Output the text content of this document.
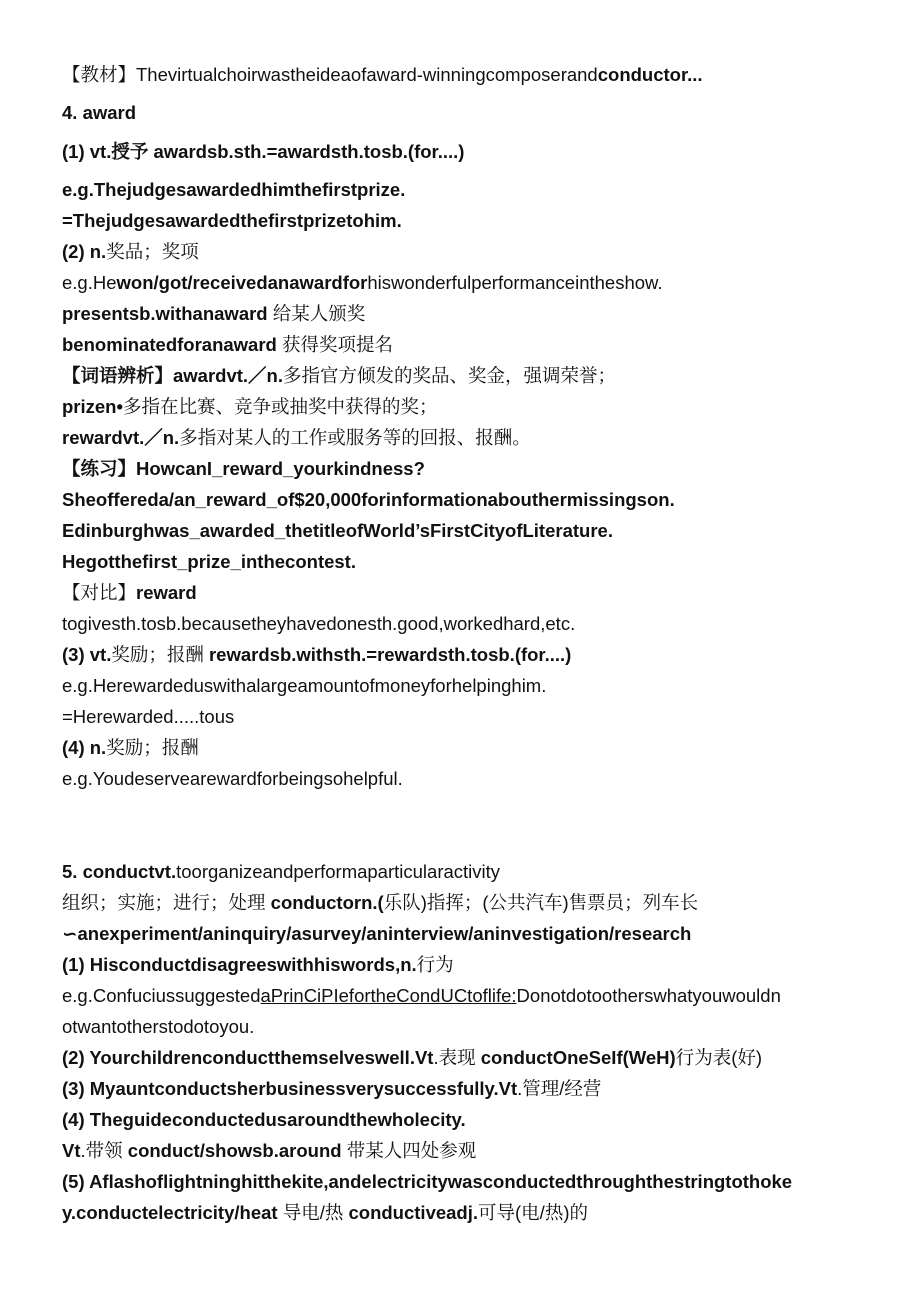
【教材】Thevirtualchoirwastheideaofaward-winningcomposerandconductor...
4. award
(1) vt.授予 awardsb.sth.=awardsth.tosb.(for....)
e.g.Thejudgesawardedhimthefirstprize.
=Thejudgesawardedthefirstprizetohim.
(2) n.奖品；奖项
e.g.Hewon/got/receivedanawardforhiswonderfulperformanceintheshow.
presentsb.withanaward 给某人颁奖
benominatedforanaward 获得奖项提名
【词语辨析】awardvt.／n.多指官方倾发的奖品、奖金，强调荣誉；
prizen•多指在比赛、竞争或抽奖中获得的奖；
rewardvt.／n.多指对某人的工作或服务等的回报、报酬。
【练习】HowcanI_reward_yourkindness?
Sheoffereda/an_reward_of$20,000forinformationabouthermissingson.
Edinburghwas_awarded_thetitleofWorld’sFirstCityofLiterature.
Hegotthefirst_prize_inthecontest.
【对比】reward
togivesth.tosb.becausetheyhavedonesth.good,workedhard,etc.
(3) vt.奖励；报酬 rewardsb.withsth.=rewardsth.tosb.(for....)
e.g.Herewardeduswithalargeamountofmoneyforhelpinghim.
=Herewarded.....tous
(4) n.奖励；报酬
e.g.Youdeservearewardforbeingsohelpful.
5. conductvt.toorganizeandperformaparticularactivity
组织；实施；进行；处理 conductorn.(乐队)指挥；(公共汽车)售票员；列车长
∽anexperiment/aninquiry/asurvey/aninterview/aninvestigation/research
(1) Hisconductdisagreeswithhiswords,n.行为
e.g.ConfuciussuggestedaPrinCiPIefortheCondUCtoflife:Donotdotootherswhatyouwouldn
otwantotherstodotoyou.
(2) Yourchildrenconductthemselveswell.Vt.表现 conductOneSeIf(WeH)行为表(好)
(3) Myauntconductsherbusinessverysuccessfully.Vt.管理/经营
(4) Theguideconductedusaroundthewholecity.
Vt.带领 conduct/showsb.around 带某人四处参观
(5) Aflashoflightninghitthekite,andelectricitywasconductedthroughthestringtothoke
y.conductelectricity/heat 导电/热 conductiveadj.可导(电/热)的
